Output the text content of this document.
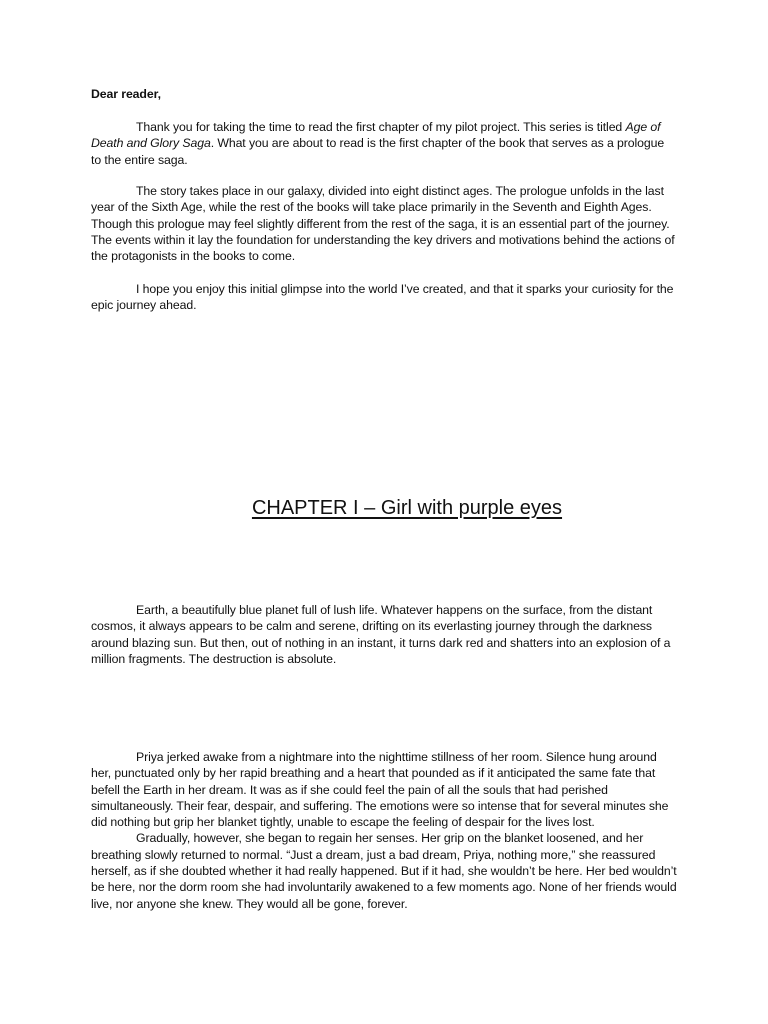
Dear reader,

Thank you for taking the time to read the first chapter of my pilot project. This series is titled Age of Death and Glory Saga. What you are about to read is the first chapter of the book that serves as a prologue to the entire saga.

The story takes place in our galaxy, divided into eight distinct ages. The prologue unfolds in the last year of the Sixth Age, while the rest of the books will take place primarily in the Seventh and Eighth Ages. Though this prologue may feel slightly different from the rest of the saga, it is an essential part of the journey. The events within it lay the foundation for understanding the key drivers and motivations behind the actions of the protagonists in the books to come.

I hope you enjoy this initial glimpse into the world I’ve created, and that it sparks your curiosity for the epic journey ahead.

CHAPTER I – Girl with purple eyes

Earth, a beautifully blue planet full of lush life. Whatever happens on the surface, from the distant cosmos, it always appears to be calm and serene, drifting on its everlasting journey through the darkness around blazing sun. But then, out of nothing in an instant, it turns dark red and shatters into an explosion of a million fragments. The destruction is absolute.

Priya jerked awake from a nightmare into the nighttime stillness of her room. Silence hung around her, punctuated only by her rapid breathing and a heart that pounded as if it anticipated the same fate that befell the Earth in her dream. It was as if she could feel the pain of all the souls that had perished simultaneously. Their fear, despair, and suffering. The emotions were so intense that for several minutes she did nothing but grip her blanket tightly, unable to escape the feeling of despair for the lives lost.

Gradually, however, she began to regain her senses. Her grip on the blanket loosened, and her breathing slowly returned to normal. “Just a dream, just a bad dream, Priya, nothing more,” she reassured herself, as if she doubted whether it had really happened. But if it had, she wouldn’t be here. Her bed wouldn’t be here, nor the dorm room she had involuntarily awakened to a few moments ago. None of her friends would live, nor anyone she knew. They would all be gone, forever.
